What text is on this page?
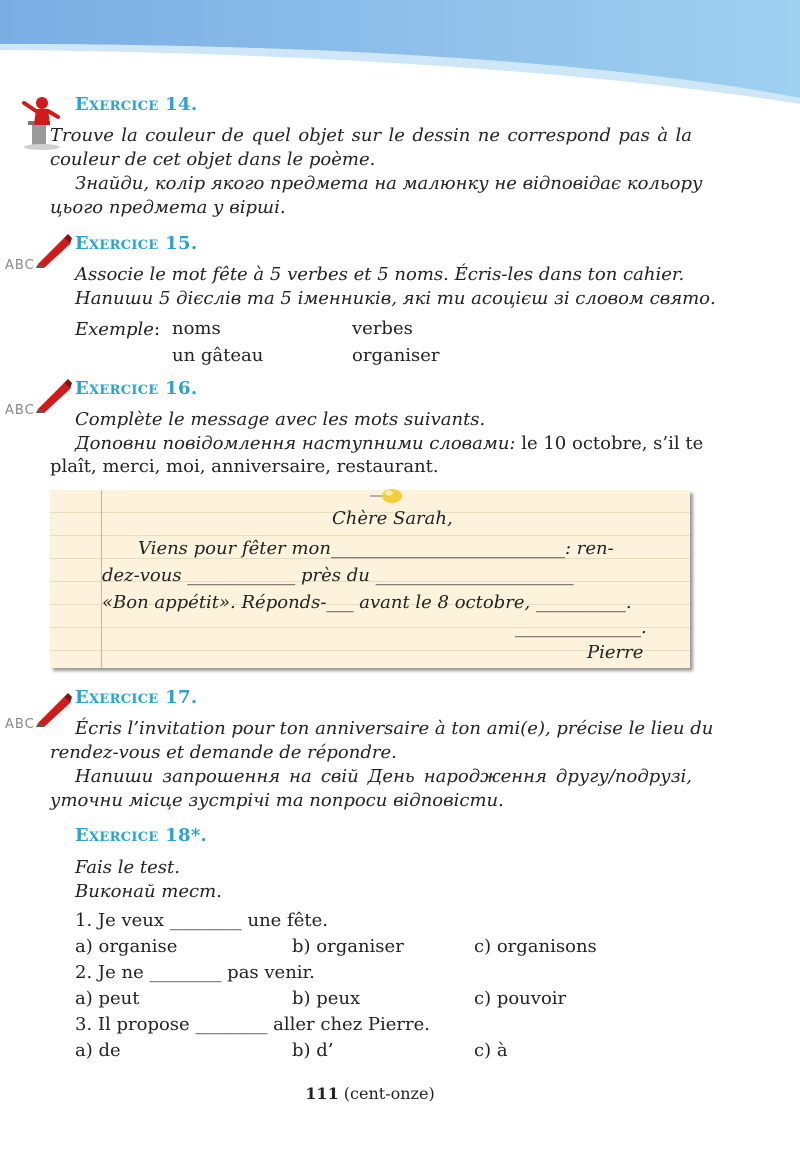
Exercice 14.
Trouve la couleur de quel objet sur le dessin ne correspond pas à la
couleur de cet objet dans le poème.
Знайди, колір якого предмета на малюнку не відповідає кольору
цього предмета у вірші.
ABC
Exercice 15.
Associe le mot fête à 5 verbes et 5 noms. Écris-les dans ton cahier.
Напиши 5 дієслів та 5 іменників, які ти асоцієш зі словом свято.
Exemple: noms	verbes
un gâteau	organiser
ABC
Exercice 16.
Complète le message avec les mots suivants.
Доповни повідомлення наступними словами: le 10 octobre, s’il te
plaît, merci, moi, anniversaire, restaurant.
Chère Sarah,
Viens pour fêter mon__________________________: ren-
dez-vous ____________ près du ______________________
«Bon appétit». Réponds-___ avant le 8 octobre, __________.
______________.
Pierre
ABC
Exercice 17.
Écris l’invitation pour ton anniversaire à ton ami(e), précise le lieu du
rendez-vous et demande de répondre.
Напиши запрошення на свій День народження другу/подрузі,
уточни місце зустрічі та попроси відповісти.
Exercice 18*.
Fais le test.
Виконай тест.
1. Je veux ________ une fête.
a) organise	b) organiser	c) organisons
2. Je ne ________ pas venir.
a) peut	b) peux	c) pouvoir
3. Il propose ________ aller chez Pierre.
a) de	b) d’	c) à
111 (cent-onze)
